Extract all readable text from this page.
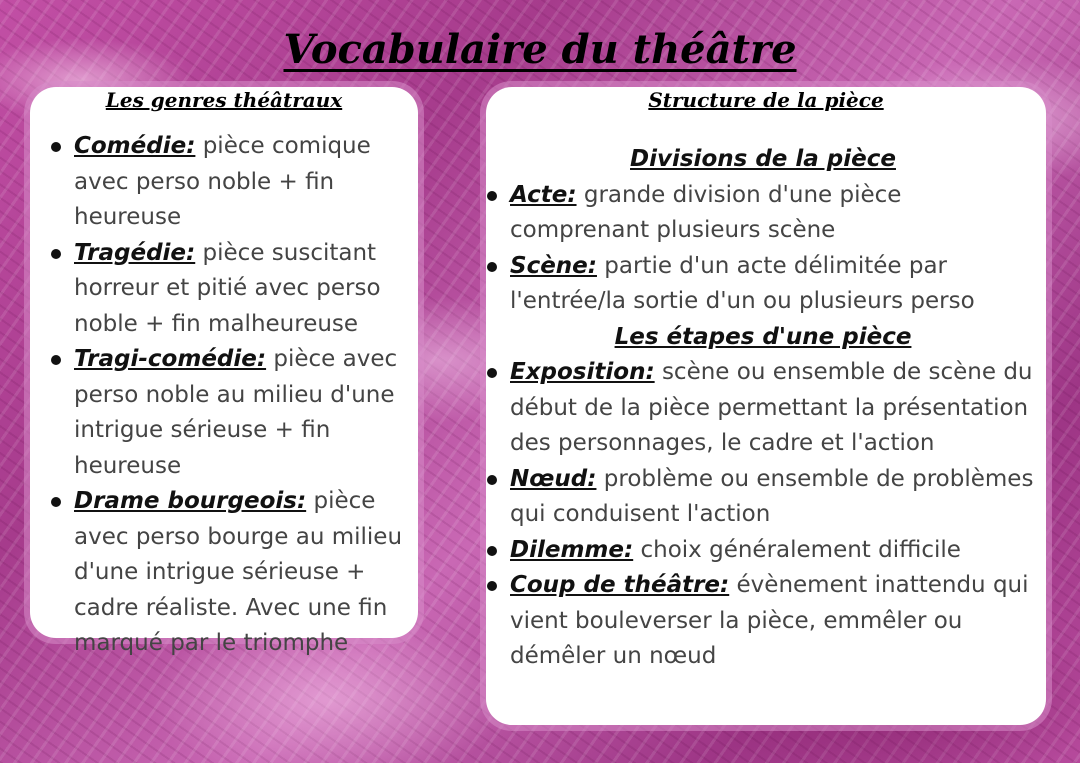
Vocabulaire du théâtre
Les genres théâtraux
Comédie: pièce comique avec perso noble + fin heureuse
Tragédie: pièce suscitant horreur et pitié avec perso noble + fin malheureuse
Tragi-comédie: pièce avec perso noble au milieu d'une intrigue sérieuse + fin heureuse
Drame bourgeois: pièce avec perso bourge au milieu d'une intrigue sérieuse + cadre réaliste. Avec une fin marqué par le triomphe
Structure de la pièce

Divisions de la pièce

Acte: grande division d'une pièce comprenant plusieurs scène
Scène: partie d'un acte délimitée par l'entrée/la sortie d'un ou plusieurs perso

Les étapes d'une pièce

Exposition: scène ou ensemble de scène du début de la pièce permettant la présentation des personnages, le cadre et l'action
Nœud: problème ou ensemble de problèmes qui conduisent l'action
Dilemme: choix généralement difficile
Coup de théâtre: évènement inattendu qui vient bouleverser la pièce, emmêler ou démêler un nœud
